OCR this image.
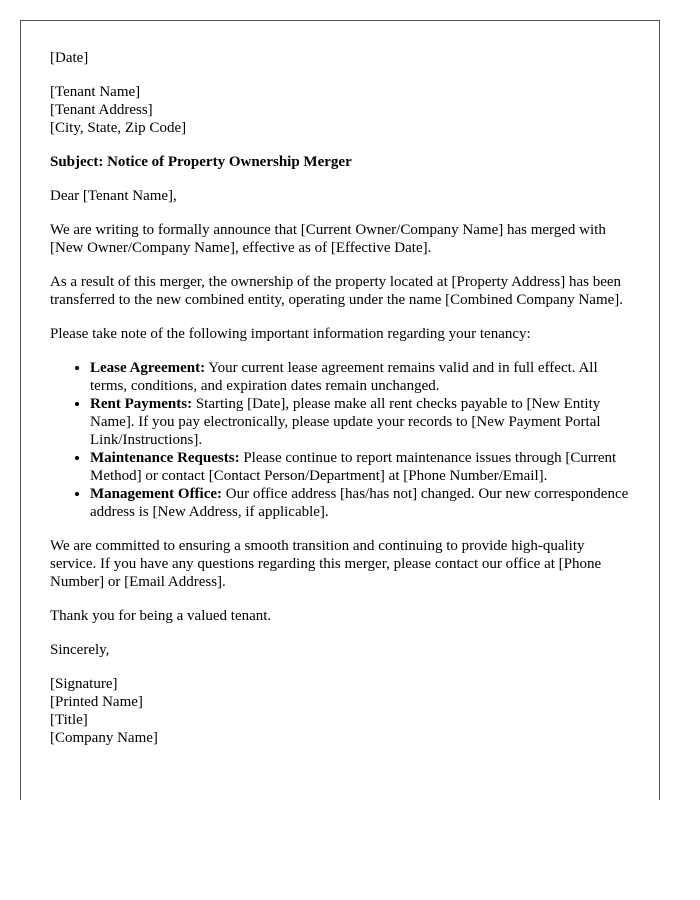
[Date]

[Tenant Name]
[Tenant Address]
[City, State, Zip Code]

Subject: Notice of Property Ownership Merger

Dear [Tenant Name],

We are writing to formally announce that [Current Owner/Company Name] has merged with [New Owner/Company Name], effective as of [Effective Date].

As a result of this merger, the ownership of the property located at [Property Address] has been transferred to the new combined entity, operating under the name [Combined Company Name].

Please take note of the following important information regarding your tenancy:

• Lease Agreement: Your current lease agreement remains valid and in full effect. All terms, conditions, and expiration dates remain unchanged.
• Rent Payments: Starting [Date], please make all rent checks payable to [New Entity Name]. If you pay electronically, please update your records to [New Payment Portal Link/Instructions].
• Maintenance Requests: Please continue to report maintenance issues through [Current Method] or contact [Contact Person/Department] at [Phone Number/Email].
• Management Office: Our office address [has/has not] changed. Our new correspondence address is [New Address, if applicable].

We are committed to ensuring a smooth transition and continuing to provide high-quality service. If you have any questions regarding this merger, please contact our office at [Phone Number] or [Email Address].

Thank you for being a valued tenant.

Sincerely,

[Signature]
[Printed Name]
[Title]
[Company Name]
